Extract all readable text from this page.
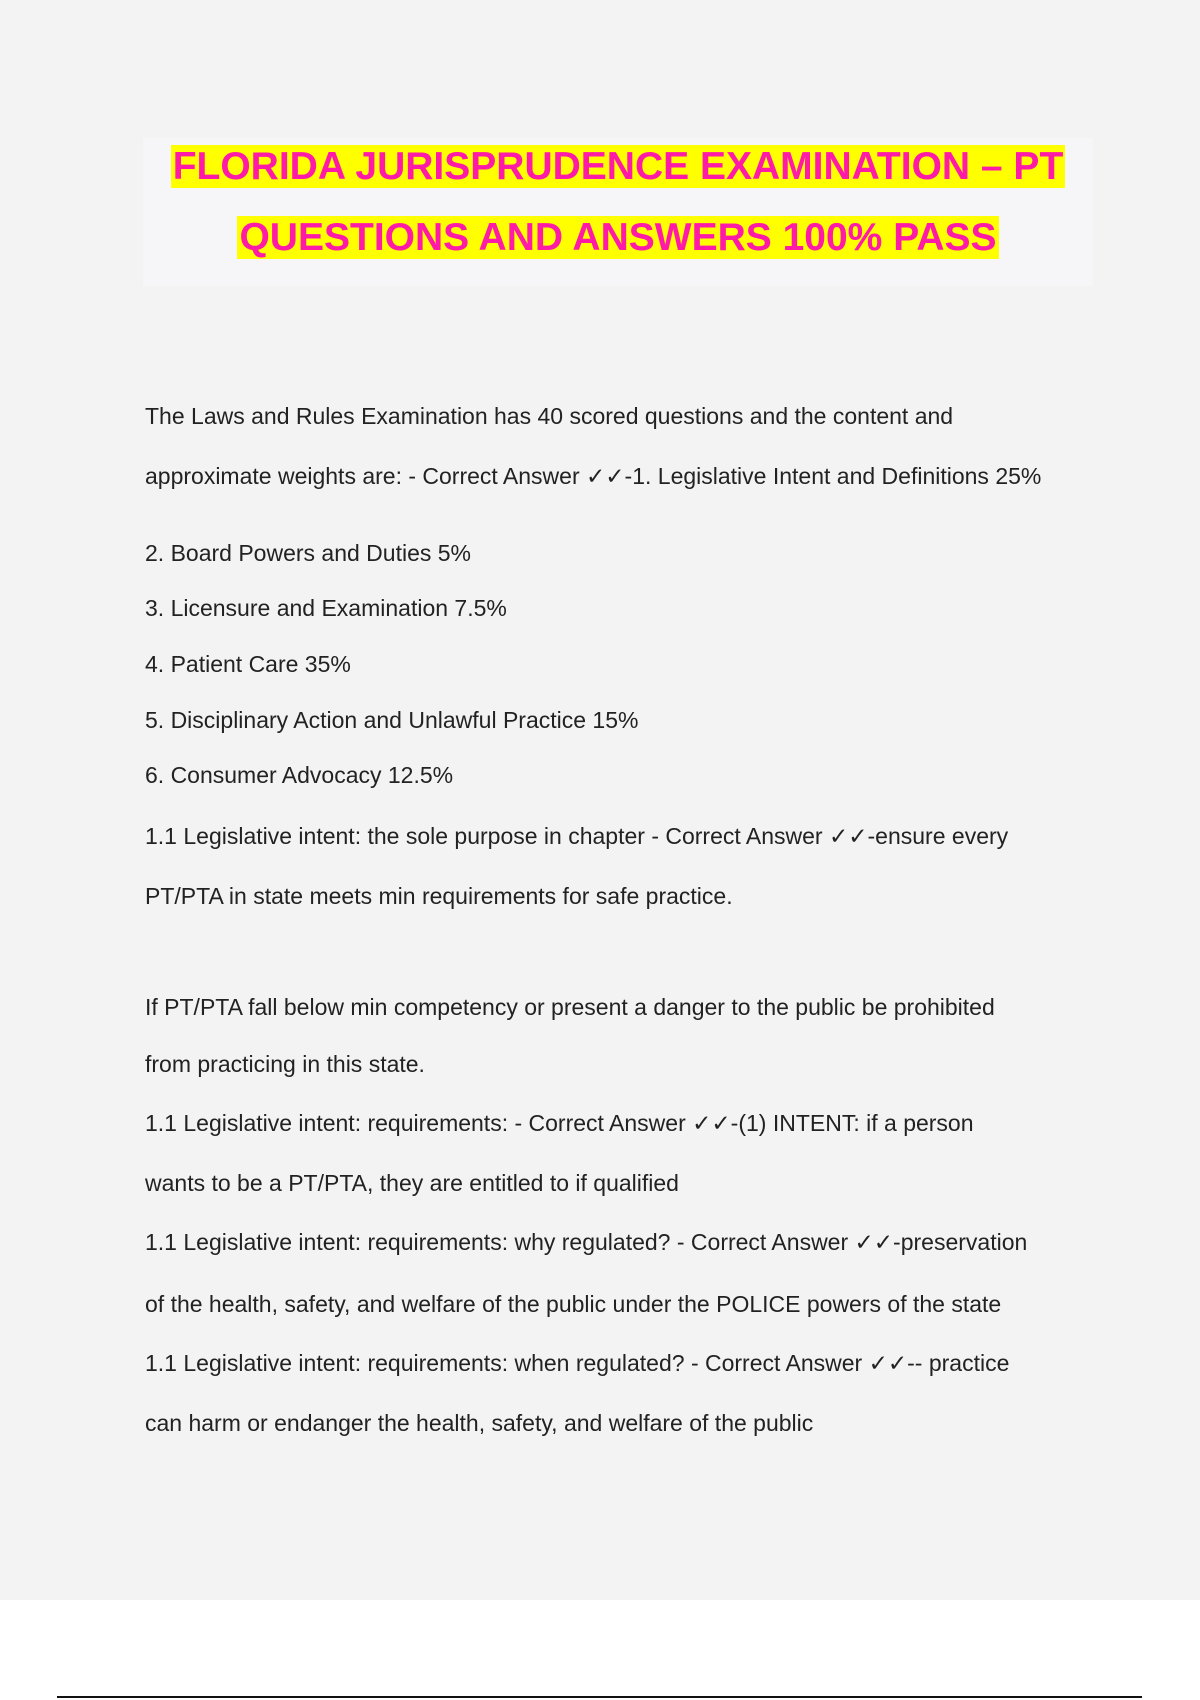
FLORIDA JURISPRUDENCE EXAMINATION – PT
QUESTIONS AND ANSWERS 100% PASS
The Laws and Rules Examination has 40 scored questions and the content and
approximate weights are: - Correct Answer ✓✓-1. Legislative Intent and Definitions 25%
2. Board Powers and Duties 5%
3. Licensure and Examination 7.5%
4. Patient Care 35%
5. Disciplinary Action and Unlawful Practice 15%
6. Consumer Advocacy 12.5%
1.1 Legislative intent: the sole purpose in chapter - Correct Answer ✓✓-ensure every
PT/PTA in state meets min requirements for safe practice.
If PT/PTA fall below min competency or present a danger to the public be prohibited
from practicing in this state.
1.1 Legislative intent: requirements: - Correct Answer ✓✓-(1) INTENT: if a person
wants to be a PT/PTA, they are entitled to if qualified
1.1 Legislative intent: requirements: why regulated? - Correct Answer ✓✓-preservation
of the health, safety, and welfare of the public under the POLICE powers of the state
1.1 Legislative intent: requirements: when regulated? - Correct Answer ✓✓-- practice
can harm or endanger the health, safety, and welfare of the public
